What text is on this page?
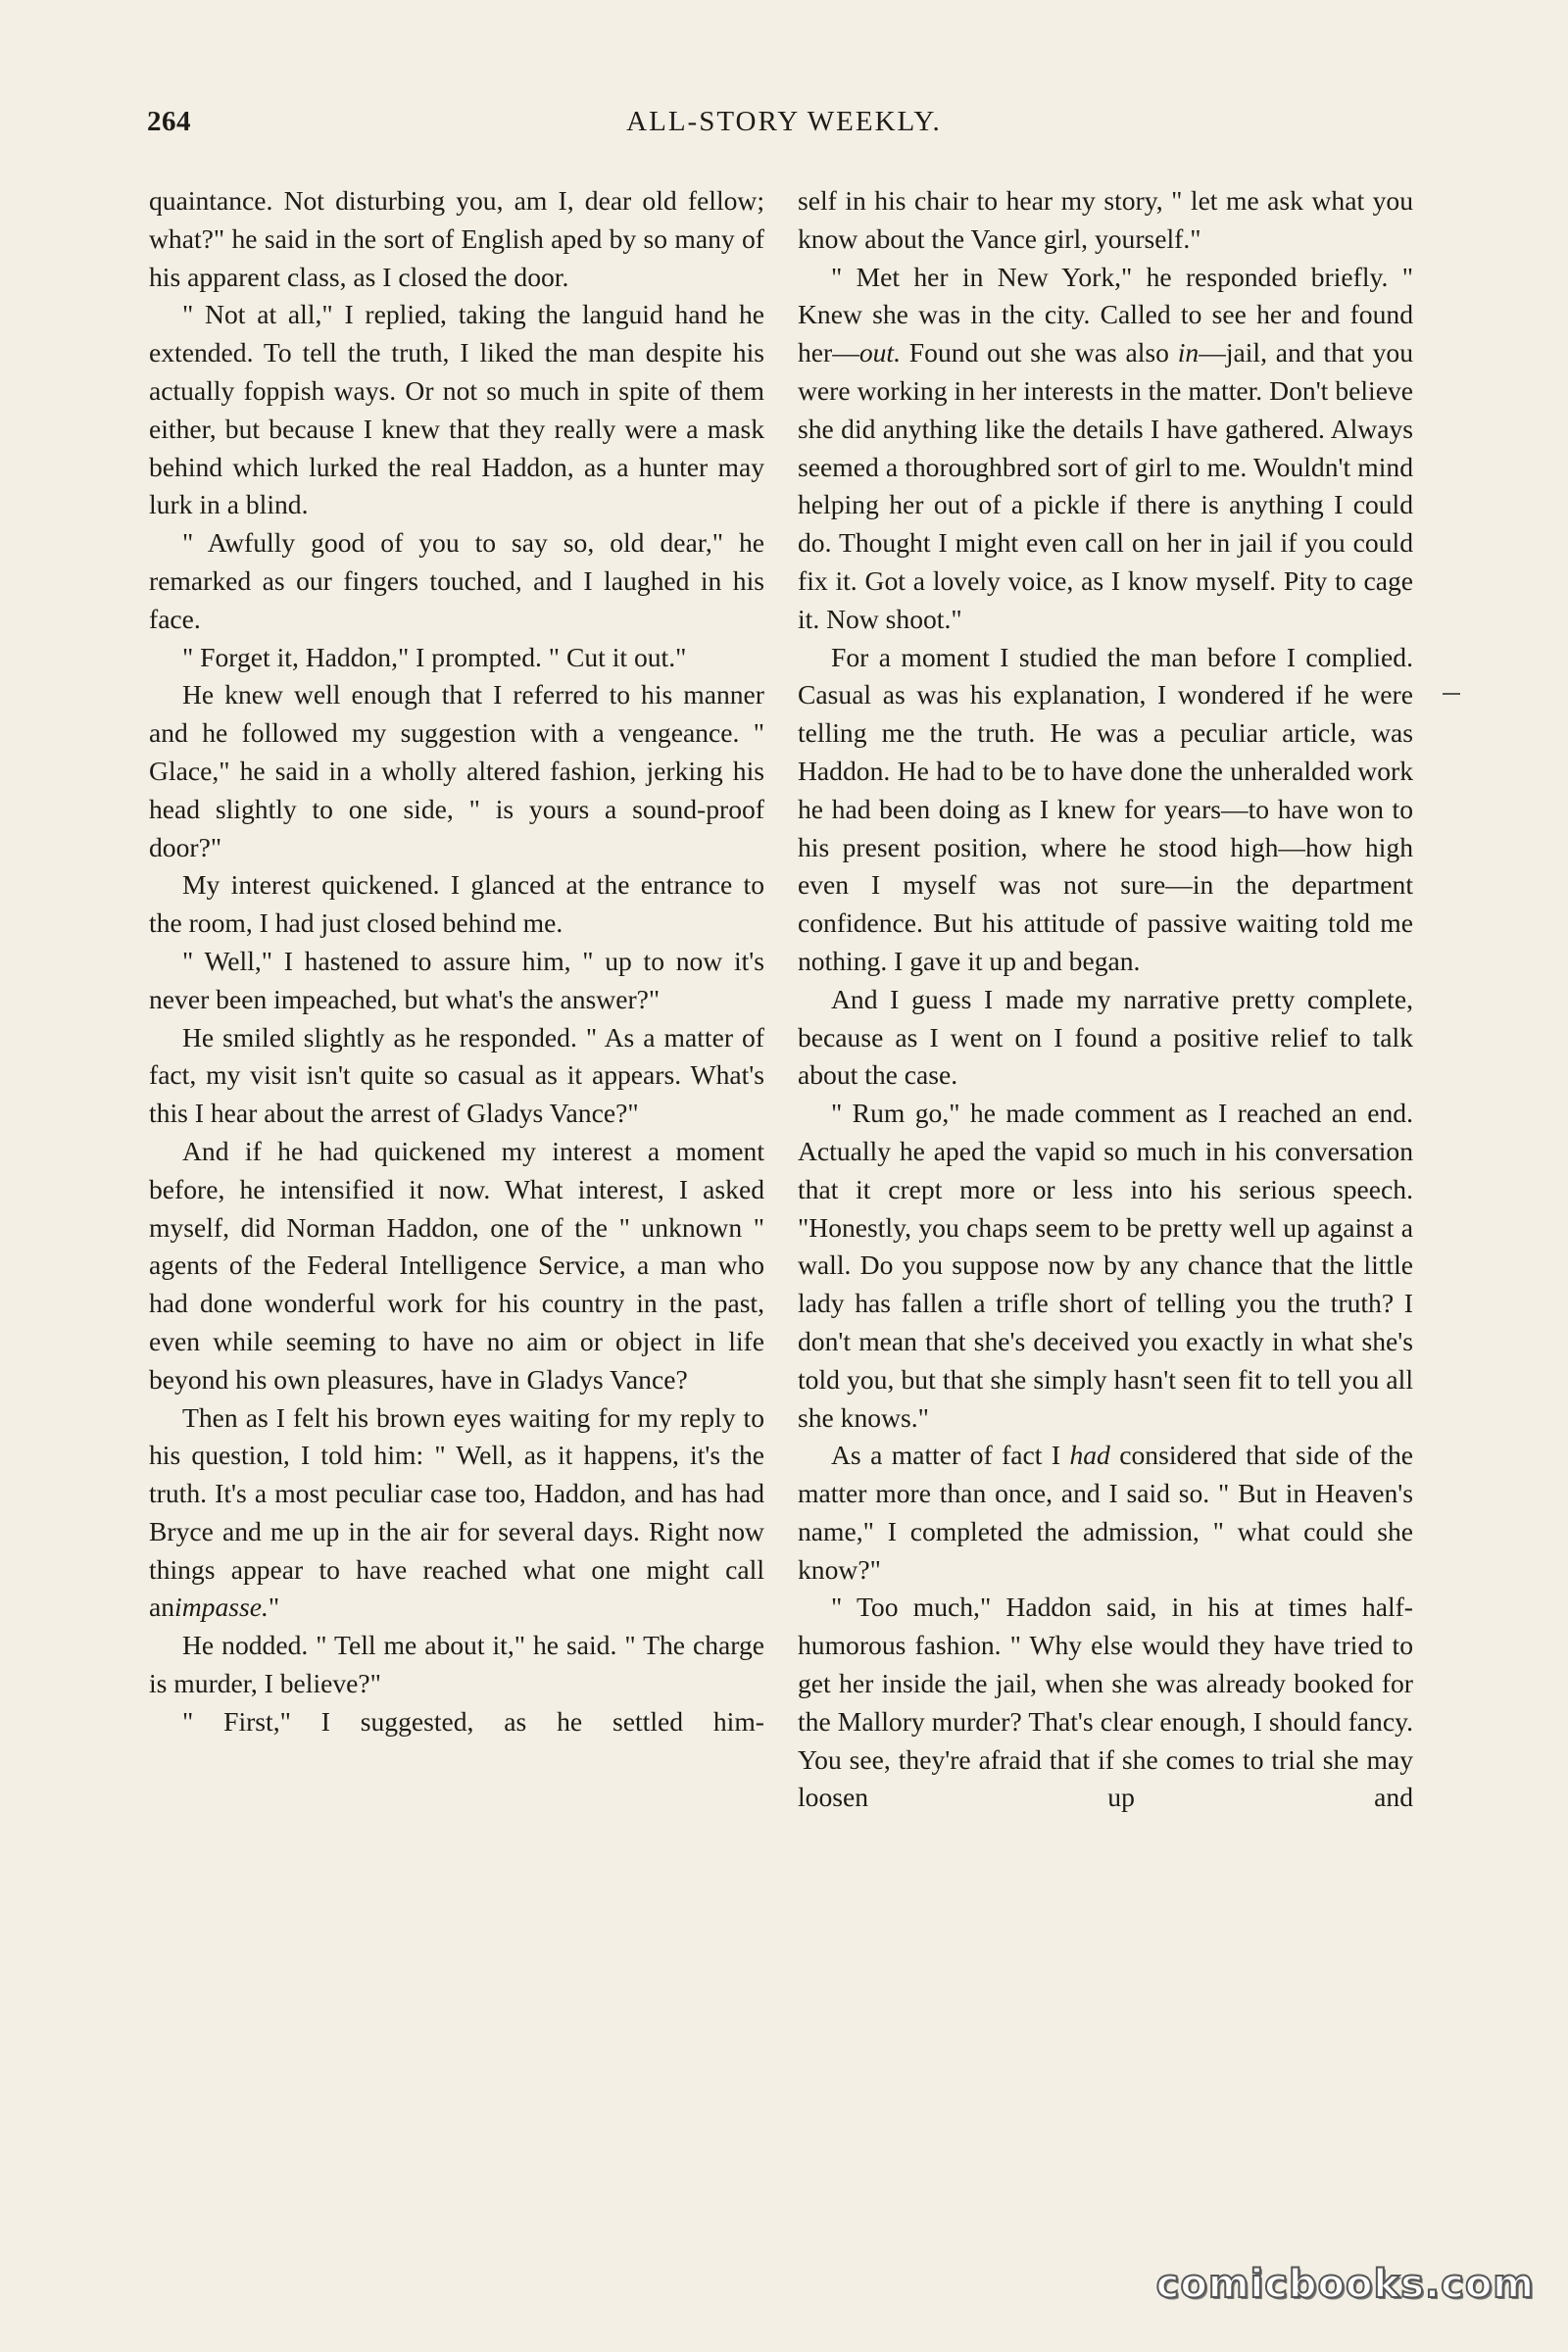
264	ALL-STORY WEEKLY.

quaintance. Not disturbing you, am I, dear old fellow; what?" he said in the sort of English aped by so many of his apparent class, as I closed the door.

" Not at all," I replied, taking the languid hand he extended. To tell the truth, I liked the man despite his actually foppish ways. Or not so much in spite of them either, but because I knew that they really were a mask behind which lurked the real Haddon, as a hunter may lurk in a blind.

" Awfully good of you to say so, old dear," he remarked as our fingers touched, and I laughed in his face.

" Forget it, Haddon," I prompted. " Cut it out."

He knew well enough that I referred to his manner and he followed my suggestion with a vengeance. " Glace," he said in a wholly altered fashion, jerking his head slightly to one side, " is yours a sound-proof door?"

My interest quickened. I glanced at the entrance to the room, I had just closed behind me.

" Well," I hastened to assure him, " up to now it's never been impeached, but what's the answer?"

He smiled slightly as he responded. " As a matter of fact, my visit isn't quite so casual as it appears. What's this I hear about the arrest of Gladys Vance?"

And if he had quickened my interest a moment before, he intensified it now. What interest, I asked myself, did Norman Haddon, one of the " unknown " agents of the Federal Intelligence Service, a man who had done wonderful work for his country in the past, even while seeming to have no aim or object in life beyond his own pleasures, have in Gladys Vance?

Then as I felt his brown eyes waiting for my reply to his question, I told him: " Well, as it happens, it's the truth. It's a most peculiar case too, Haddon, and has had Bryce and me up in the air for several days. Right now things appear to have reached what one might call animpasse."

He nodded. " Tell me about it," he said. " The charge is murder, I believe?"

" First," I suggested, as he settled him-

self in his chair to hear my story, " let me ask what you know about the Vance girl, yourself."

" Met her in New York," he responded briefly. " Knew she was in the city. Called to see her and found her—out. Found out she was also in—jail, and that you were working in her interests in the matter. Don't believe she did anything like the details I have gathered. Always seemed a thoroughbred sort of girl to me. Wouldn't mind helping her out of a pickle if there is anything I could do. Thought I might even call on her in jail if you could fix it. Got a lovely voice, as I know myself. Pity to cage it. Now shoot."

For a moment I studied the man before I complied. Casual as was his explanation, I wondered if he were telling me the truth. He was a peculiar article, was Haddon. He had to be to have done the unheralded work he had been doing as I knew for years—to have won to his present position, where he stood high—how high even I myself was not sure—in the department confidence. But his attitude of passive waiting told me nothing. I gave it up and began.

And I guess I made my narrative pretty complete, because as I went on I found a positive relief to talk about the case.

" Rum go," he made comment as I reached an end. Actually he aped the vapid so much in his conversation that it crept more or less into his serious speech. "Honestly, you chaps seem to be pretty well up against a wall. Do you suppose now by any chance that the little lady has fallen a trifle short of telling you the truth? I don't mean that she's deceived you exactly in what she's told you, but that she simply hasn't seen fit to tell you all she knows."

As a matter of fact I had considered that side of the matter more than once, and I said so. " But in Heaven's name," I completed the admission, " what could she know?"

" Too much," Haddon said, in his at times half-humorous fashion. " Why else would they have tried to get her inside the jail, when she was already booked for the Mallory murder? That's clear enough, I should fancy. You see, they're afraid that if she comes to trial she may loosen up and

comicbooks.com
